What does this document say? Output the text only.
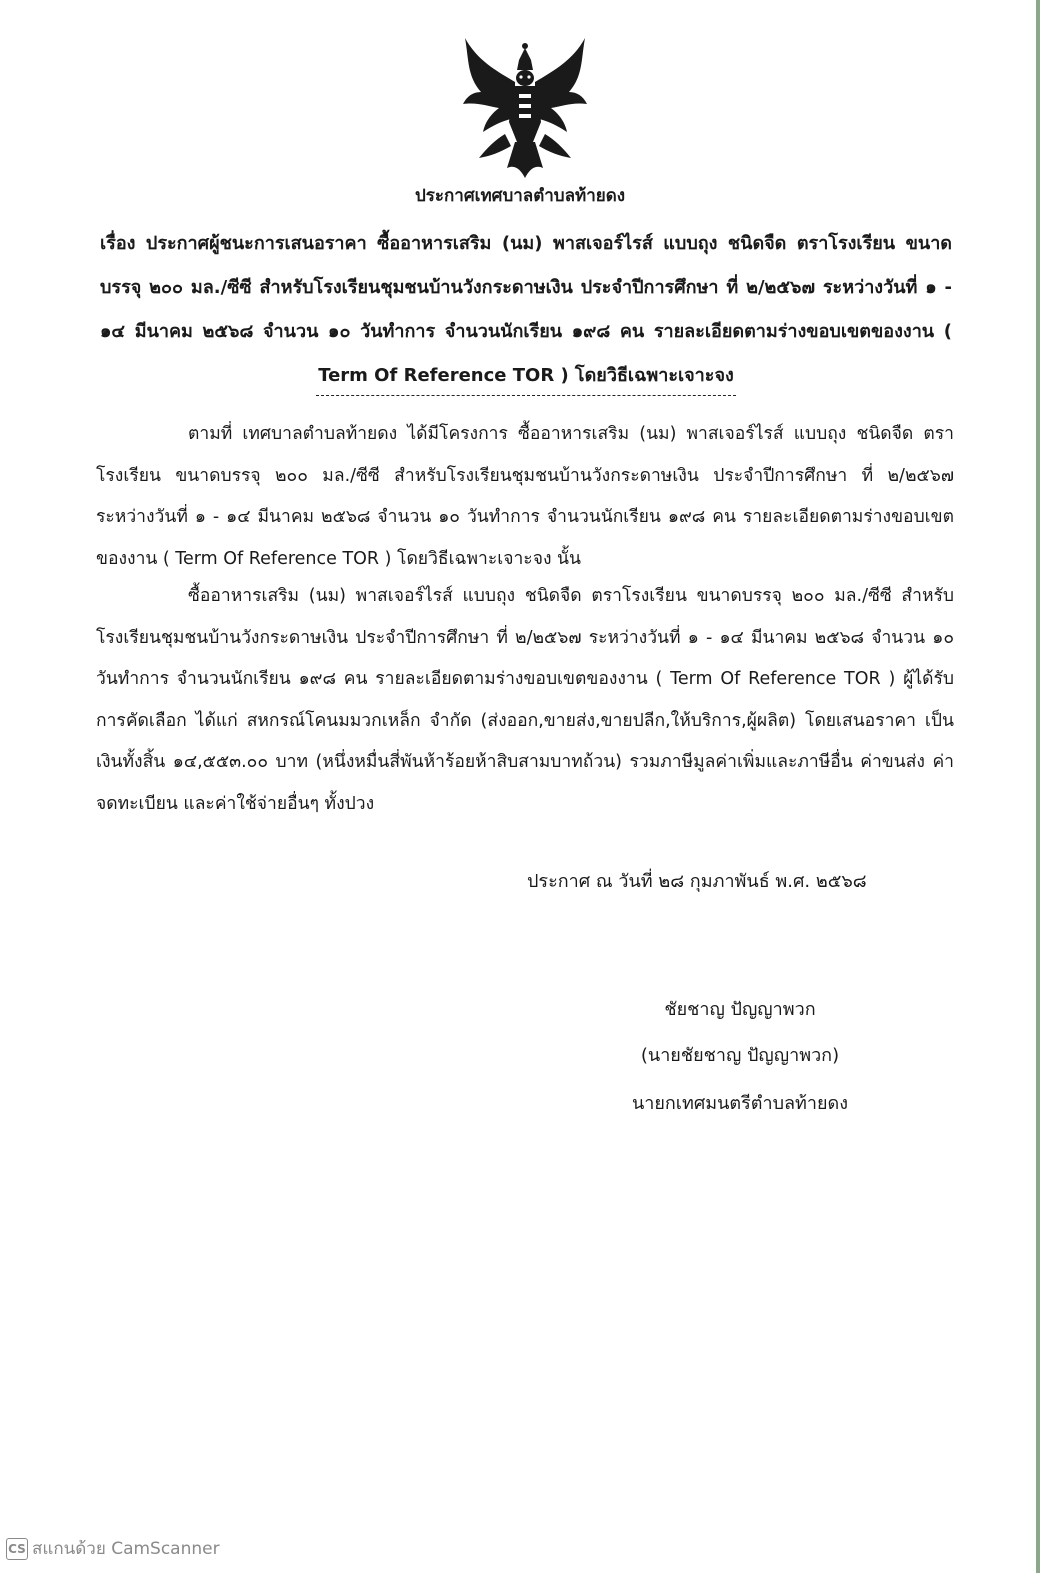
ประกาศเทศบาลตำบลท้ายดง
เรื่อง ประกาศผู้ชนะการเสนอราคา ซื้ออาหารเสริม (นม) พาสเจอร์ไรส์ แบบถุง ชนิดจืด ตราโรงเรียน ขนาดบรรจุ ๒๐๐ มล./ซีซี สำหรับโรงเรียนชุมชนบ้านวังกระดาษเงิน ประจำปีการศึกษา ที่ ๒/๒๕๖๗ ระหว่างวันที่ ๑ - ๑๔ มีนาคม ๒๕๖๘ จำนวน ๑๐ วันทำการ จำนวนนักเรียน ๑๙๘ คน รายละเอียดตามร่างขอบเขตของงาน ( Term Of Reference TOR ) โดยวิธีเฉพาะเจาะจง
ตามที่ เทศบาลตำบลท้ายดง ได้มีโครงการ ซื้ออาหารเสริม (นม) พาสเจอร์ไรส์ แบบถุง ชนิดจืด ตราโรงเรียน ขนาดบรรจุ ๒๐๐ มล./ซีซี สำหรับโรงเรียนชุมชนบ้านวังกระดาษเงิน ประจำปีการศึกษา ที่ ๒/๒๕๖๗ ระหว่างวันที่ ๑ - ๑๔ มีนาคม ๒๕๖๘ จำนวน ๑๐ วันทำการ จำนวนนักเรียน ๑๙๘ คน รายละเอียดตามร่างขอบเขตของงาน ( Term Of Reference TOR ) โดยวิธีเฉพาะเจาะจง นั้น
ซื้ออาหารเสริม (นม) พาสเจอร์ไรส์ แบบถุง ชนิดจืด ตราโรงเรียน ขนาดบรรจุ ๒๐๐ มล./ซีซี สำหรับโรงเรียนชุมชนบ้านวังกระดาษเงิน ประจำปีการศึกษา ที่ ๒/๒๕๖๗ ระหว่างวันที่ ๑ - ๑๔ มีนาคม ๒๕๖๘ จำนวน ๑๐ วันทำการ จำนวนนักเรียน ๑๙๘ คน รายละเอียดตามร่างขอบเขตของงาน ( Term Of Reference TOR ) ผู้ได้รับการคัดเลือก ได้แก่ สหกรณ์โคนมมวกเหล็ก จำกัด (ส่งออก,ขายส่ง,ขายปลีก,ให้บริการ,ผู้ผลิต) โดยเสนอราคา เป็นเงินทั้งสิ้น ๑๔,๕๕๓.๐๐ บาท (หนึ่งหมื่นสี่พันห้าร้อยห้าสิบสามบาทถ้วน) รวมภาษีมูลค่าเพิ่มและภาษีอื่น ค่าขนส่ง ค่าจดทะเบียน และค่าใช้จ่ายอื่นๆ ทั้งปวง
ประกาศ ณ วันที่ ๒๘ กุมภาพันธ์ พ.ศ. ๒๕๖๘
ชัยชาญ ปัญญาพวก
(นายชัยชาญ ปัญญาพวก)
นายกเทศมนตรีตำบลท้ายดง
CS สแกนด้วย CamScanner
